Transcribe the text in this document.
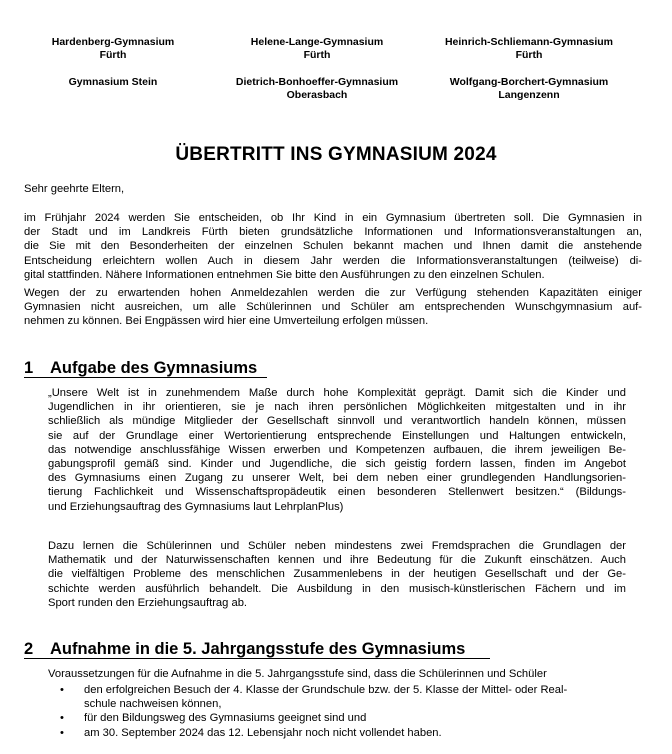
Hardenberg-Gymnasium
Fürth
Helene-Lange-Gymnasium
Fürth
Heinrich-Schliemann-Gymnasium
Fürth
Gymnasium Stein	Dietrich-Bonhoeffer-Gymnasium
Oberasbach
Wolfgang-Borchert-Gymnasium
Langenzenn
ÜBERTRITT INS GYMNASIUM 2024
Sehr geehrte Eltern,
im Frühjahr 2024 werden Sie entscheiden, ob Ihr Kind in ein Gymnasium übertreten soll. Die Gymnasien in
der Stadt und im Landkreis Fürth bieten grundsätzliche Informationen und Informationsveranstaltungen an,
die Sie mit den Besonderheiten der einzelnen Schulen bekannt machen und Ihnen damit die anstehende
Entscheidung erleichtern wollen Auch in diesem Jahr werden die Informationsveranstaltungen (teilweise) di-
gital stattfinden. Nähere Informationen entnehmen Sie bitte den Ausführungen zu den einzelnen Schulen.
Wegen der zu erwartenden hohen Anmeldezahlen werden die zur Verfügung stehenden Kapazitäten einiger
Gymnasien nicht ausreichen, um alle Schülerinnen und Schüler am entsprechenden Wunschgymnasium auf-
nehmen zu können. Bei Engpässen wird hier eine Umverteilung erfolgen müssen.
1 Aufgabe des Gymnasiums
„Unsere Welt ist in zunehmendem Maße durch hohe Komplexität geprägt. Damit sich die Kinder und
Jugendlichen in ihr orientieren, sie je nach ihren persönlichen Möglichkeiten mitgestalten und in ihr
schließlich als mündige Mitglieder der Gesellschaft sinnvoll und verantwortlich handeln können, müssen
sie auf der Grundlage einer Wertorientierung entsprechende Einstellungen und Haltungen entwickeln,
das notwendige anschlussfähige Wissen erwerben und Kompetenzen aufbauen, die ihrem jeweiligen Be-
gabungsprofil gemäß sind. Kinder und Jugendliche, die sich geistig fordern lassen, finden im Angebot
des Gymnasiums einen Zugang zu unserer Welt, bei dem neben einer grundlegenden Handlungsorien-
tierung Fachlichkeit und Wissenschaftspropädeutik einen besonderen Stellenwert besitzen.“ (Bildungs-
und Erziehungsauftrag des Gymnasiums laut LehrplanPlus)
Dazu lernen die Schülerinnen und Schüler neben mindestens zwei Fremdsprachen die Grundlagen der
Mathematik und der Naturwissenschaften kennen und ihre Bedeutung für die Zukunft einschätzen. Auch
die vielfältigen Probleme des menschlichen Zusammenlebens in der heutigen Gesellschaft und der Ge-
schichte werden ausführlich behandelt. Die Ausbildung in den musisch-künstlerischen Fächern und im
Sport runden den Erziehungsauftrag ab.
2 Aufnahme in die 5. Jahrgangsstufe des Gymnasiums
Voraussetzungen für die Aufnahme in die 5. Jahrgangsstufe sind, dass die Schülerinnen und Schüler
• den erfolgreichen Besuch der 4. Klasse der Grundschule bzw. der 5. Klasse der Mittel- oder Real-
schule nachweisen können,
• für den Bildungsweg des Gymnasiums geeignet sind und
• am 30. September 2024 das 12. Lebensjahr noch nicht vollendet haben.
